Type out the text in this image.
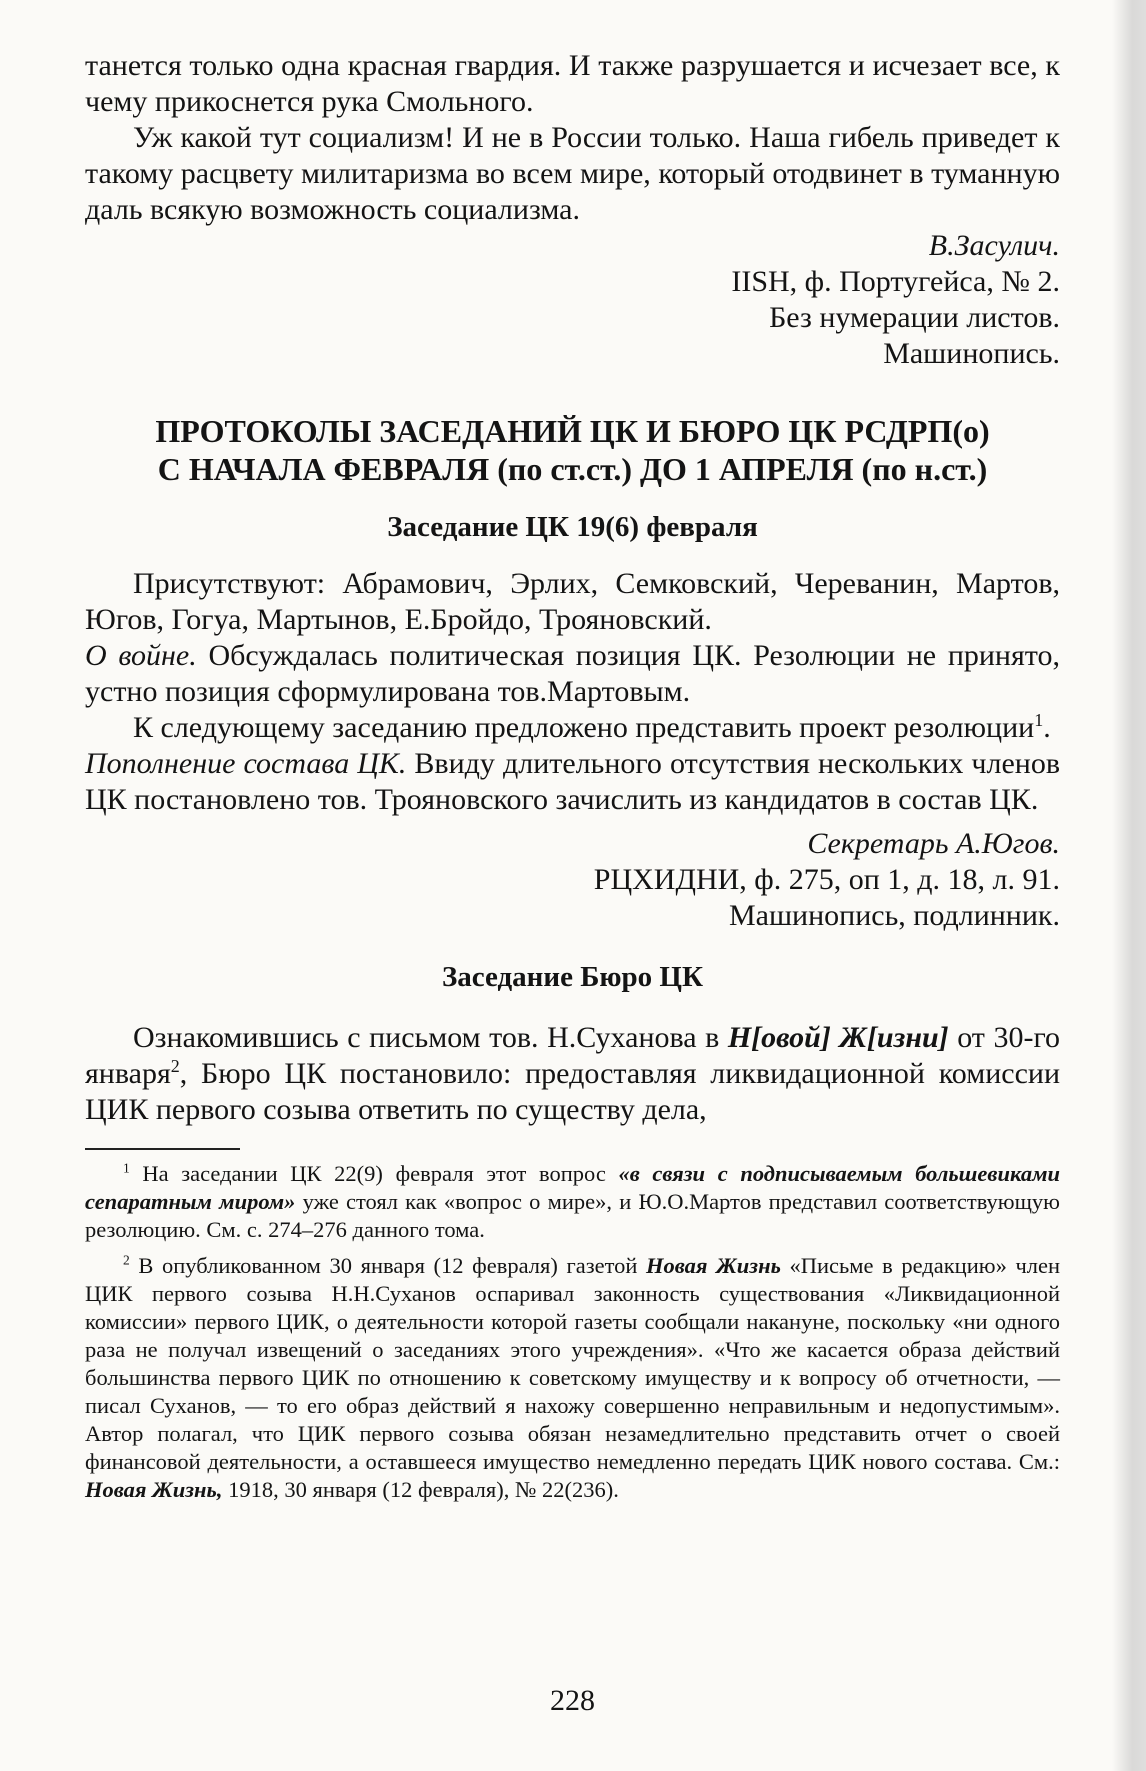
танется только одна красная гвардия. И также разрушается и исчезает все, к чему прикоснется рука Смольного.

Уж какой тут социализм! И не в России только. Наша гибель приведет к такому расцвету милитаризма во всем мире, который отодвинет в туманную даль всякую возможность социализма.

В.Засулич.

IISH, ф. Португейса, № 2.

Без нумерации листов.

Машинопись.

ПРОТОКОЛЫ ЗАСЕДАНИЙ ЦК И БЮРО ЦК РСДРП(о)
С НАЧАЛА ФЕВРАЛЯ (по ст.ст.) ДО 1 АПРЕЛЯ (по н.ст.)
Заседание ЦК 19(6) февраля

Присутствуют: Абрамович, Эрлих, Семковский, Череванин, Мартов, Югов, Гогуа, Мартынов, Е.Бройдо, Трояновский.

О войне. Обсуждалась политическая позиция ЦК. Резолюции не принято, устно позиция сформулирована тов.Мартовым.

К следующему заседанию предложено представить проект резолюции$^1$.

Пополнение состава ЦК. Ввиду длительного отсутствия нескольких членов ЦК постановлено тов. Трояновского зачислить из кандидатов в состав ЦК.

Секретарь А.Югов.

РЦХИДНИ, ф. 275, оп 1, д. 18, л. 91.

Машинопись, подлинник.

Заседание Бюро ЦК

Ознакомившись с письмом тов. Н.Суханова в Н[овой] Ж[изни] от 30-го января$^2$, Бюро ЦК постановило: предоставляя ликвидационной комиссии ЦИК первого созыва ответить по существу дела,

$^1$ На заседании ЦК 22(9) февраля этот вопрос «в связи с подписываемым большевиками сепаратным миром» уже стоял как «вопрос о мире», и Ю.О.Мартов представил соответствующую резолюцию. См. с. 274–276 данного тома.

$^2$ В опубликованном 30 января (12 февраля) газетой Новая Жизнь «Письме в редакцию» член ЦИК первого созыва Н.Н.Суханов оспаривал законность существования «Ликвидационной комиссии» первого ЦИК, о деятельности которой газеты сообщали накануне, поскольку «ни одного раза не получал извещений о заседаниях этого учреждения». «Что же касается образа действий большинства первого ЦИК по отношению к советскому имуществу и к вопросу об отчетности, — писал Суханов, — то его образ действий я нахожу совершенно неправильным и недопустимым». Автор полагал, что ЦИК первого созыва обязан незамедлительно представить отчет о своей финансовой деятельности, а оставшееся имущество немедленно передать ЦИК нового состава. См.: Новая Жизнь, 1918, 30 января (12 февраля), № 22(236).

228
